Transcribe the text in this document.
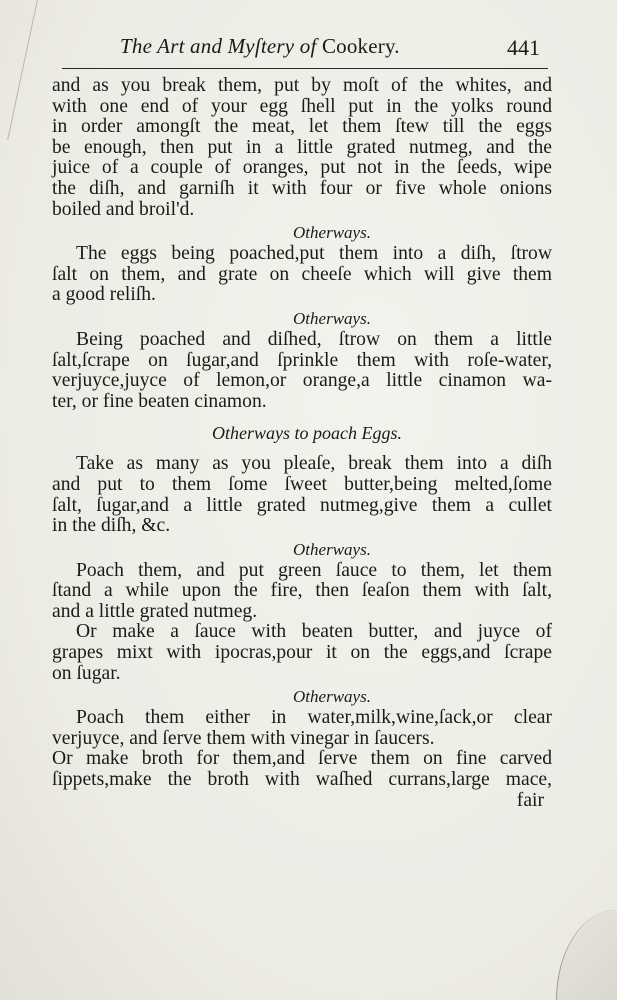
The Art and Myſtery of Cookery.	441
and as you break them, put by moſt of the whites, and
with one end of your egg ſhell put in the yolks round
in order amongſt the meat, let them ſtew till the eggs
be enough, then put in a little grated nutmeg, and the
juice of a couple of oranges, put not in the ſeeds, wipe
the diſh, and garniſh it with four or five whole onions
boiled and broil'd.
Otherways.
The eggs being poached,put them into a diſh, ſtrow
ſalt on them, and grate on cheeſe which will give them
a good reliſh.
Otherways.
Being poached and diſhed, ſtrow on them a little
ſalt,ſcrape on ſugar,and ſprinkle them with roſe-water,
verjuyce,juyce of lemon,or orange,a little cinamon wa-
ter, or fine beaten cinamon.
Otherways to poach Eggs.
Take as many as you pleaſe, break them into a diſh
and put to them ſome ſweet butter,being melted,ſome
ſalt, ſugar,and a little grated nutmeg,give them a cullet
in the diſh, &c.
Otherways.
Poach them, and put green ſauce to them, let them
ſtand a while upon the fire, then ſeaſon them with ſalt,
and a little grated nutmeg.
Or make a ſauce with beaten butter, and juyce of
grapes mixt with ipocras,pour it on the eggs,and ſcrape
on ſugar.
Otherways.
Poach them either in water,milk,wine,ſack,or clear
verjuyce, and ſerve them with vinegar in ſaucers.
Or make broth for them,and ſerve them on fine carved
ſippets,make the broth with waſhed currans,large mace,
fair
